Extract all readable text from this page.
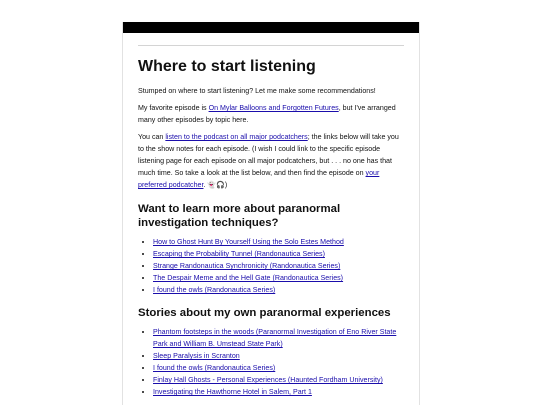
Where to start listening

Stumped on where to start listening? Let me make some recommendations!

My favorite episode is On Mylar Balloons and Forgotten Futures, but I've arranged many other episodes by topic here.

You can listen to the podcast on all major podcatchers; the links below will take you to the show notes for each episode. (I wish I could link to the specific episode listening page for each episode on all major podcatchers, but . . . no one has that much time. So take a look at the list below, and then find the episode on your preferred podcatcher. 👻🎧)

Want to learn more about paranormal investigation techniques?
• How to Ghost Hunt By Yourself Using the Solo Estes Method
• Escaping the Probability Tunnel (Randonautica Series)
• Strange Randonautica Synchronicity (Randonautica Series)
• The Despair Meme and the Hell Gate (Randonautica Series)
• I found the owls (Randonautica Series)
Stories about my own paranormal experiences
• Phantom footsteps in the woods (Paranormal Investigation of Eno River State Park and William B. Umstead State Park)
• Sleep Paralysis in Scranton
• I found the owls (Randonautica Series)
• Finlay Hall Ghosts - Personal Experiences (Haunted Fordham University)
• Investigating the Hawthorne Hotel in Salem, Part 1
